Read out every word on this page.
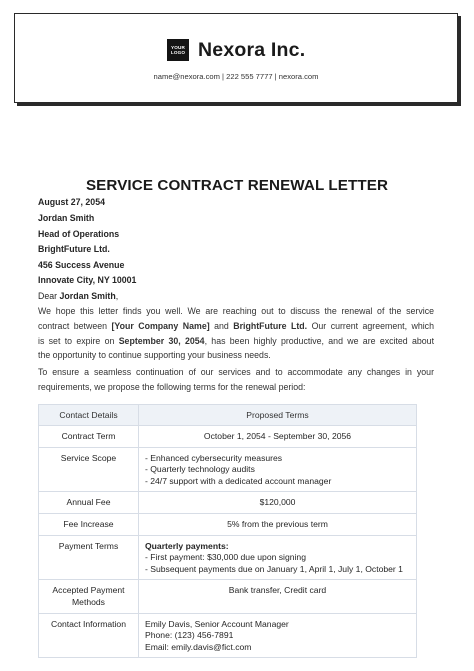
YOUR
LOGO Nexora Inc.
name@nexora.com | 222 555 7777 | nexora.com
SERVICE CONTRACT RENEWAL LETTER
August 27, 2054
Jordan Smith
Head of Operations
BrightFuture Ltd.
456 Success Avenue
Innovate City, NY 10001
Dear Jordan Smith,
We hope this letter finds you well. We are reaching out to discuss the renewal of the service
contract between [Your Company Name] and BrightFuture Ltd. Our current agreement, which
is set to expire on September 30, 2054, has been highly productive, and we are excited about
the opportunity to continue supporting your business needs.
To ensure a seamless continuation of our services and to accommodate any changes in your
requirements, we propose the following terms for the renewal period:
Contact Details	Proposed Terms
Contract Term	October 1, 2054 - September 30, 2056
Service Scope	- Enhanced cybersecurity measures
- Quarterly technology audits
- 24/7 support with a dedicated account manager

Annual Fee	$120,000
Fee Increase	5% from the previous term
Payment Terms	Quarterly payments:
- First payment: $30,000 due upon signing
- Subsequent payments due on January 1, April 1, July 1, October 1

Accepted Payment
Methods	Bank transfer, Credit card
Contact Information	Emily Davis, Senior Account Manager
Phone: (123) 456-7891
Email: emily.davis@fict.com
